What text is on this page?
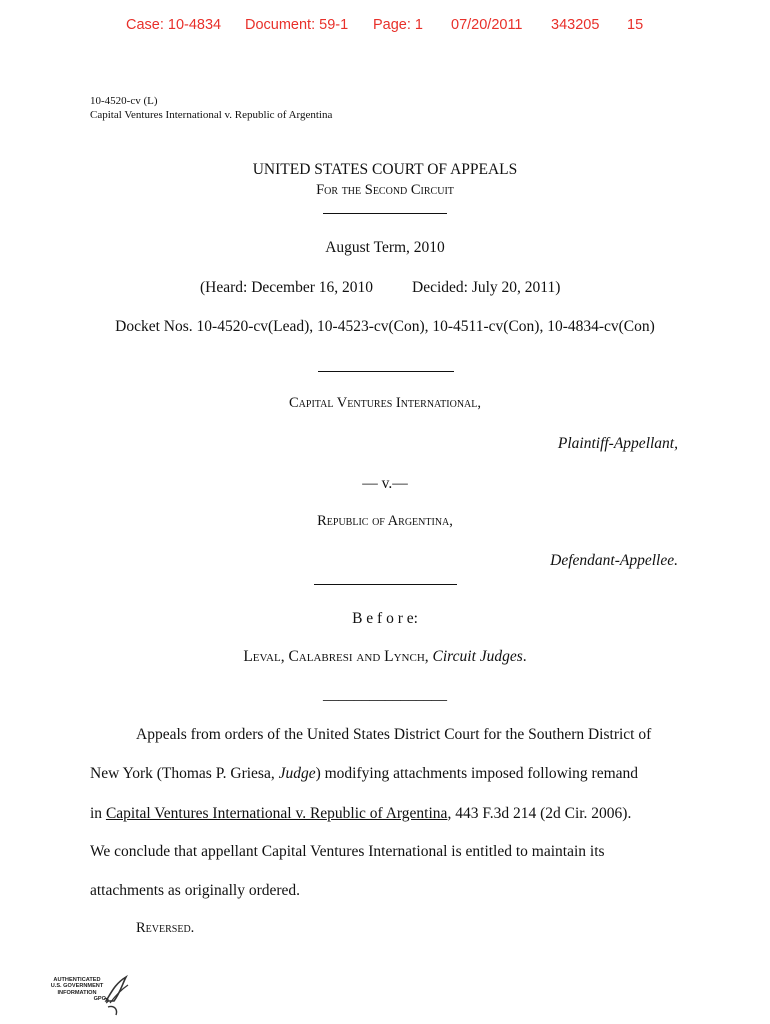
Case: 10-4834 Document: 59-1 Page: 1 07/20/2011 343205 15
10-4520-cv (L)
Capital Ventures International v. Republic of Argentina
UNITED STATES COURT OF APPEALS
For the Second Circuit
August Term, 2010
(Heard: December 16, 2010	Decided: July 20, 2011)
Docket Nos. 10-4520-cv(Lead), 10-4523-cv(Con), 10-4511-cv(Con), 10-4834-cv(Con)
Capital Ventures International,
Plaintiff-Appellant,
— v.—
Republic of Argentina,
Defendant-Appellee.
B e f o r e:
Leval, Calabresi and Lynch, Circuit Judges.
________________
Appeals from orders of the United States District Court for the Southern District of
New York (Thomas P. Griesa, Judge) modifying attachments imposed following remand
in Capital Ventures International v. Republic of Argentina, 443 F.3d 214 (2d Cir. 2006).
We conclude that appellant Capital Ventures International is entitled to maintain its
attachments as originally ordered.
Reversed.
AUTHENTICATED
U.S. GOVERNMENT
INFORMATION
GPO
